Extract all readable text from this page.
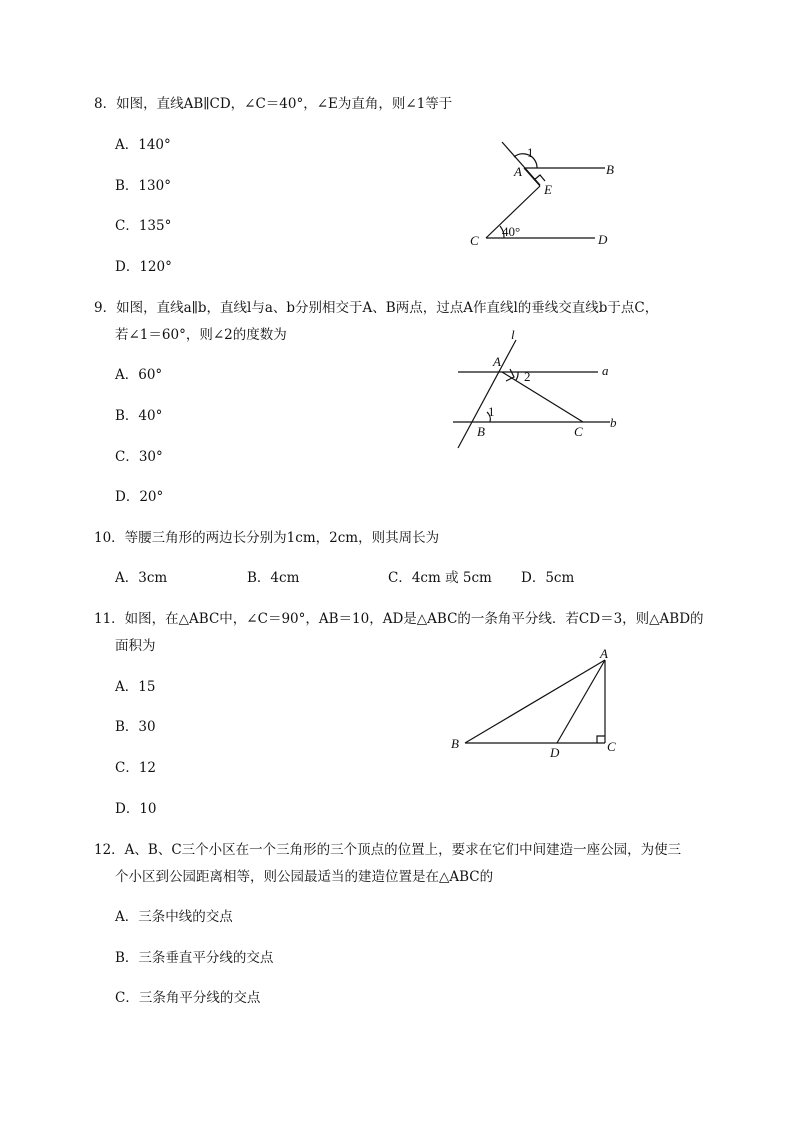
8．如图，直线AB∥CD，∠C＝40°，∠E为直角，则∠1等于
A．140°
B．130°
C．135°
D．120°
1
A	B
E
C
40°
D
9．如图，直线a∥b，直线l与a、b分别相交于A、B两点，过点A作直线l的垂线交直线b于点C，
若∠1＝60°，则∠2的度数为
A．60°
B．40°
C．30°
D．20°
l
A
a
2
1
B	C
b
10．等腰三角形的两边长分别为1cm，2cm，则其周长为
A．3cm	B．4cm	C．4cm 或 5cm D．5cm
11．如图，在△ABC中，∠C＝90°，AB＝10，AD是△ABC的一条角平分线．若CD＝3，则△ABD的
面积为
A．15
B．30
C．12
D．10
A
B
D	C
12．A、B、C三个小区在一个三角形的三个顶点的位置上，要求在它们中间建造一座公园，为使三
个小区到公园距离相等，则公园最适当的建造位置是在△ABC的
A．三条中线的交点
B．三条垂直平分线的交点
C．三条角平分线的交点
